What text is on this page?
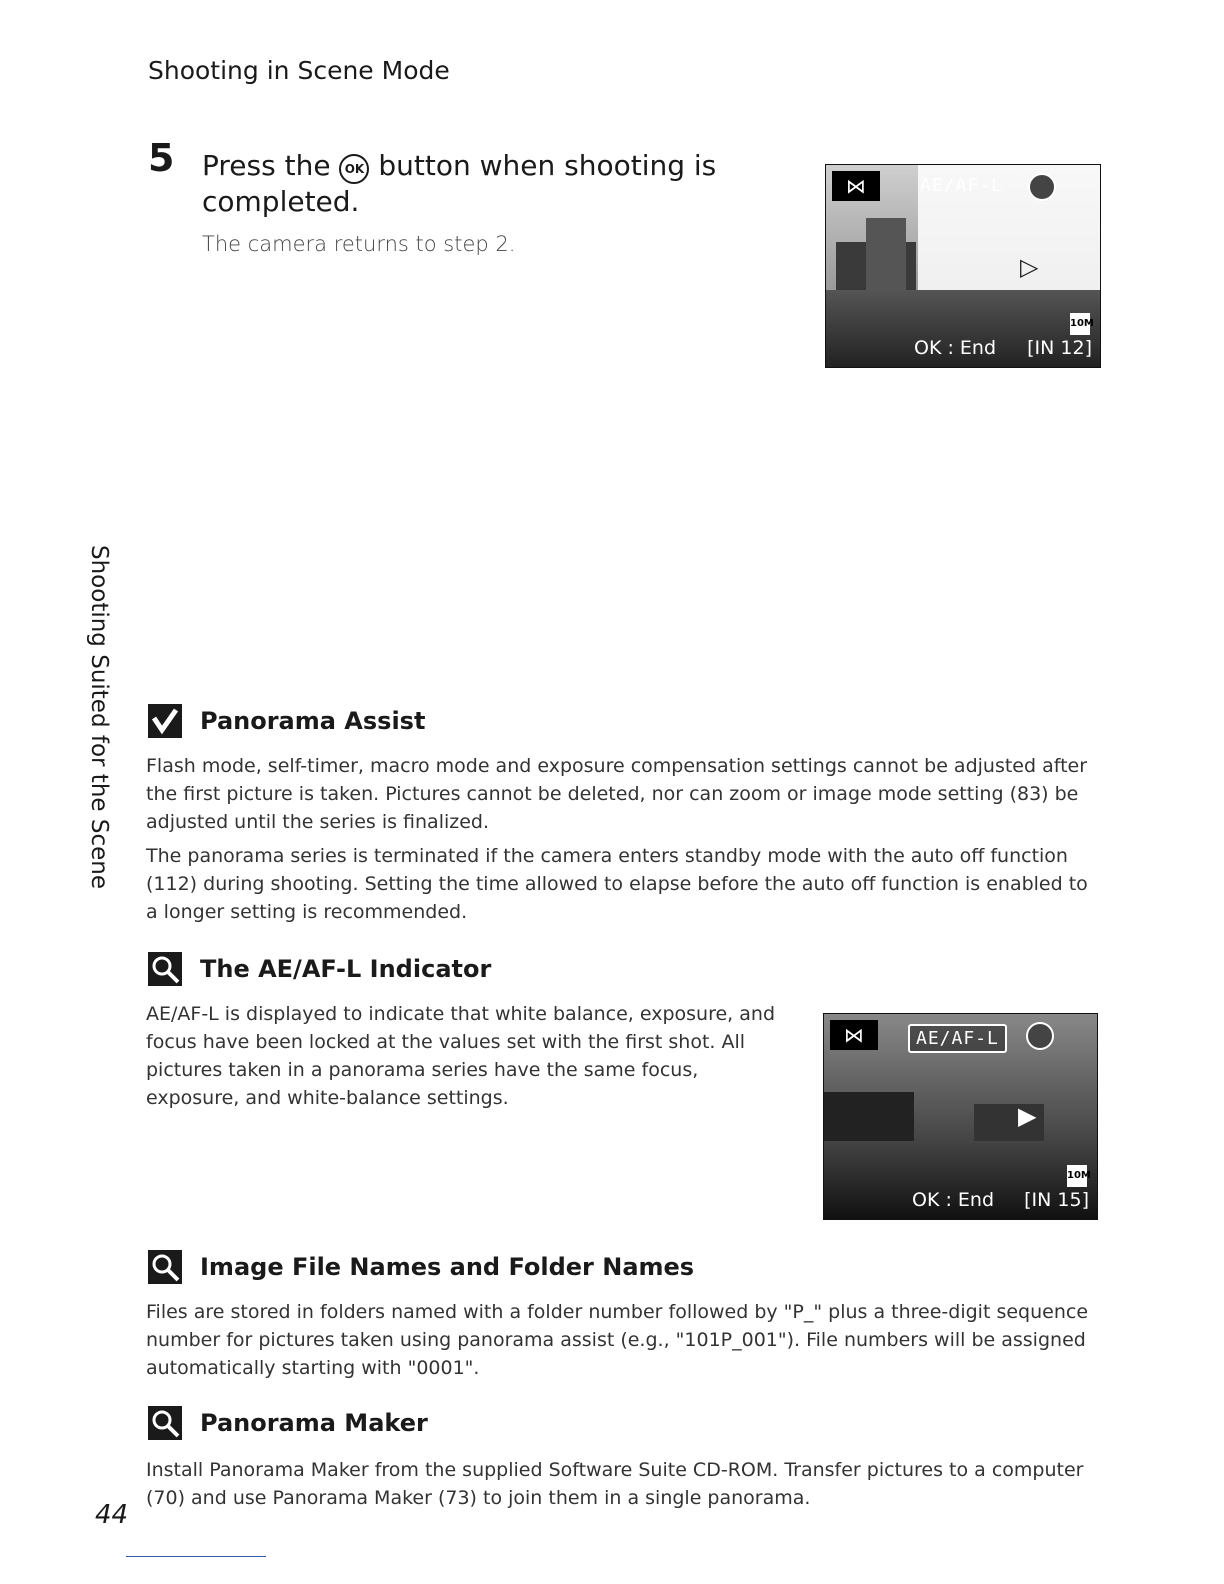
Shooting in Scene Mode
Shooting Suited for the Scene
5 Press the OK button when shooting is completed.
The camera returns to step 2.
⋈	AE/AF-L
▷
10M
OK : End [IN 12]
Panorama Assist

Flash mode, self-timer, macro mode and exposure compensation settings cannot be adjusted after the first picture is taken. Pictures cannot be deleted, nor can zoom or image mode setting (83) be adjusted until the series is finalized.

The panorama series is terminated if the camera enters standby mode with the auto off function (112) during shooting. Setting the time allowed to elapse before the auto off function is enabled to a longer setting is recommended.

The AE/AF-L Indicator

AE/AF-L is displayed to indicate that white balance, exposure, and focus have been locked at the values set with the first shot. All pictures taken in a panorama series have the same focus, exposure, and white-balance settings.

⋈	AE/AF-L
▶
10M
OK : End [IN 15]
Image File Names and Folder Names

Files are stored in folders named with a folder number followed by "P_" plus a three-digit sequence number for pictures taken using panorama assist (e.g., "101P_001"). File numbers will be assigned automatically starting with "0001".

Panorama Maker

Install Panorama Maker from the supplied Software Suite CD-ROM. Transfer pictures to a computer (70) and use Panorama Maker (73) to join them in a single panorama.

44
